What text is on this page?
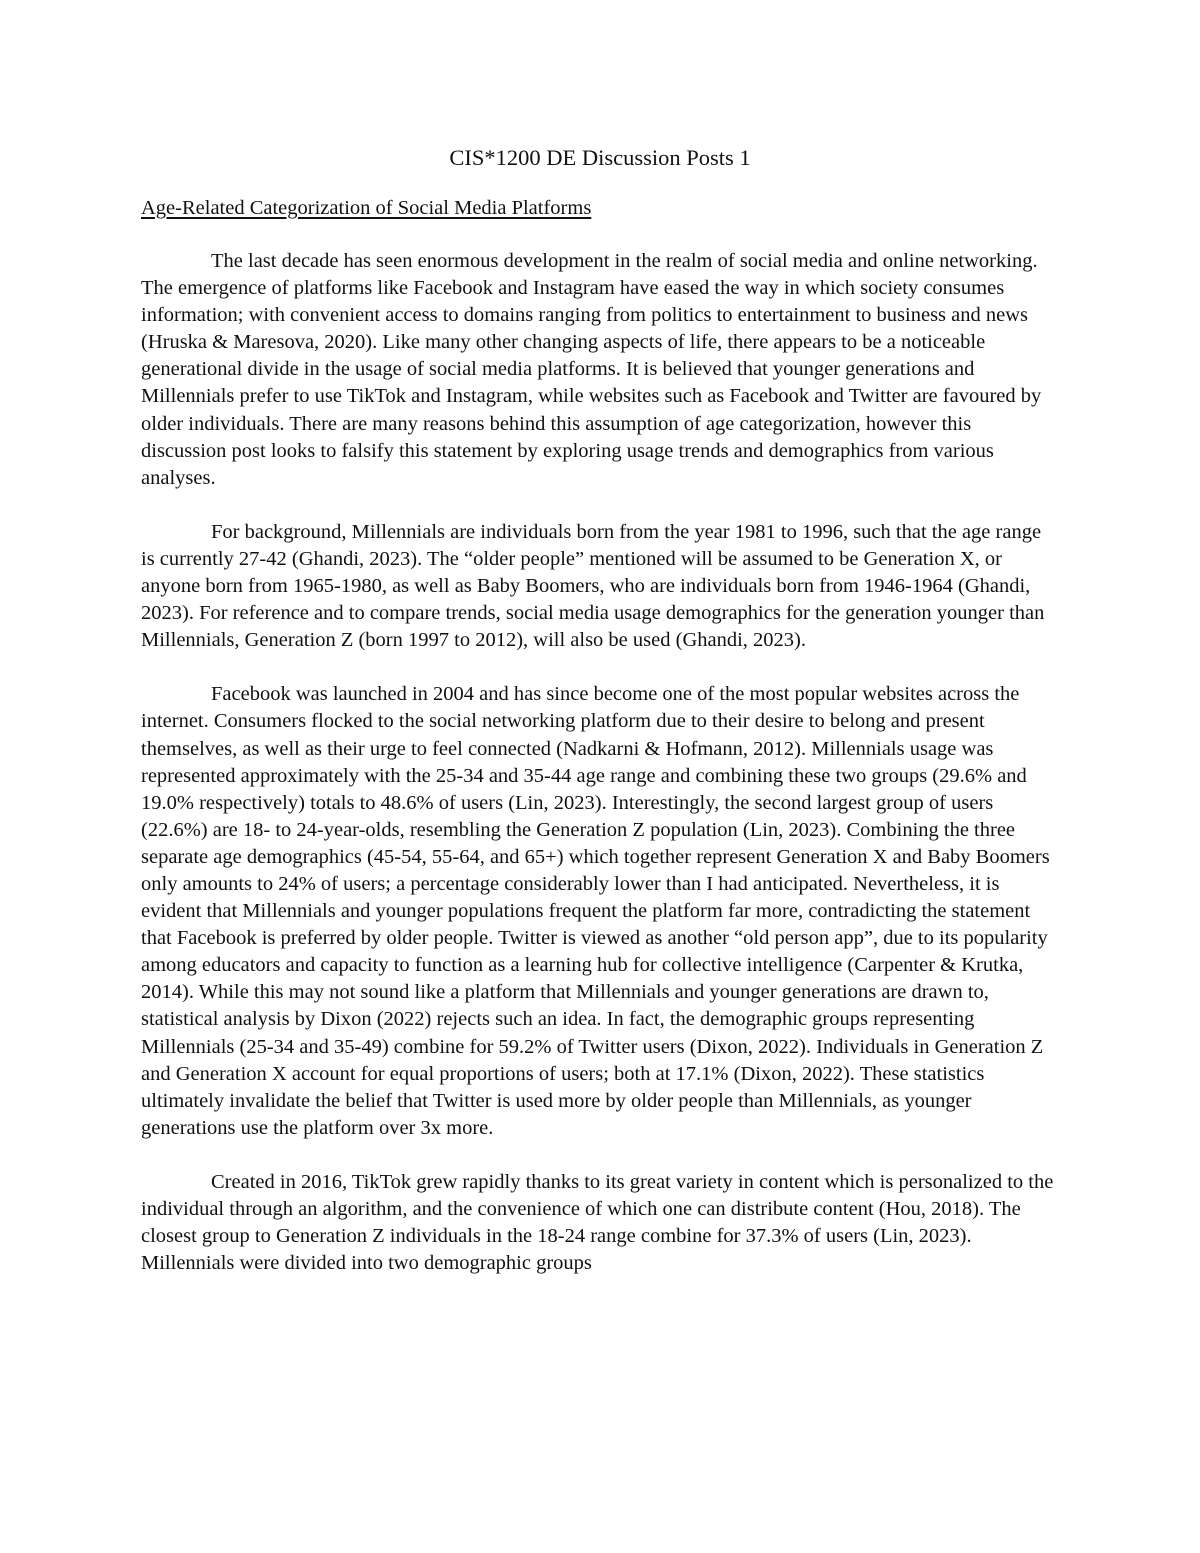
CIS*1200 DE Discussion Posts 1
Age-Related Categorization of Social Media Platforms

The last decade has seen enormous development in the realm of social media and online networking. The emergence of platforms like Facebook and Instagram have eased the way in which society consumes information; with convenient access to domains ranging from politics to entertainment to business and news (Hruska & Maresova, 2020). Like many other changing aspects of life, there appears to be a noticeable generational divide in the usage of social media platforms. It is believed that younger generations and Millennials prefer to use TikTok and Instagram, while websites such as Facebook and Twitter are favoured by older individuals. There are many reasons behind this assumption of age categorization, however this discussion post looks to falsify this statement by exploring usage trends and demographics from various analyses.

For background, Millennials are individuals born from the year 1981 to 1996, such that the age range is currently 27-42 (Ghandi, 2023). The “older people” mentioned will be assumed to be Generation X, or anyone born from 1965-1980, as well as Baby Boomers, who are individuals born from 1946-1964 (Ghandi, 2023). For reference and to compare trends, social media usage demographics for the generation younger than Millennials, Generation Z (born 1997 to 2012), will also be used (Ghandi, 2023).

Facebook was launched in 2004 and has since become one of the most popular websites across the internet. Consumers flocked to the social networking platform due to their desire to belong and present themselves, as well as their urge to feel connected (Nadkarni & Hofmann, 2012). Millennials usage was represented approximately with the 25-34 and 35-44 age range and combining these two groups (29.6% and 19.0% respectively) totals to 48.6% of users (Lin, 2023). Interestingly, the second largest group of users (22.6%) are 18- to 24-year-olds, resembling the Generation Z population (Lin, 2023). Combining the three separate age demographics (45-54, 55-64, and 65+) which together represent Generation X and Baby Boomers only amounts to 24% of users; a percentage considerably lower than I had anticipated. Nevertheless, it is evident that Millennials and younger populations frequent the platform far more, contradicting the statement that Facebook is preferred by older people. Twitter is viewed as another “old person app”, due to its popularity among educators and capacity to function as a learning hub for collective intelligence (Carpenter & Krutka, 2014). While this may not sound like a platform that Millennials and younger generations are drawn to, statistical analysis by Dixon (2022) rejects such an idea. In fact, the demographic groups representing Millennials (25-34 and 35-49) combine for 59.2% of Twitter users (Dixon, 2022). Individuals in Generation Z and Generation X account for equal proportions of users; both at 17.1% (Dixon, 2022). These statistics ultimately invalidate the belief that Twitter is used more by older people than Millennials, as younger generations use the platform over 3x more.

Created in 2016, TikTok grew rapidly thanks to its great variety in content which is personalized to the individual through an algorithm, and the convenience of which one can distribute content (Hou, 2018). The closest group to Generation Z individuals in the 18-24 range combine for 37.3% of users (Lin, 2023). Millennials were divided into two demographic groups
